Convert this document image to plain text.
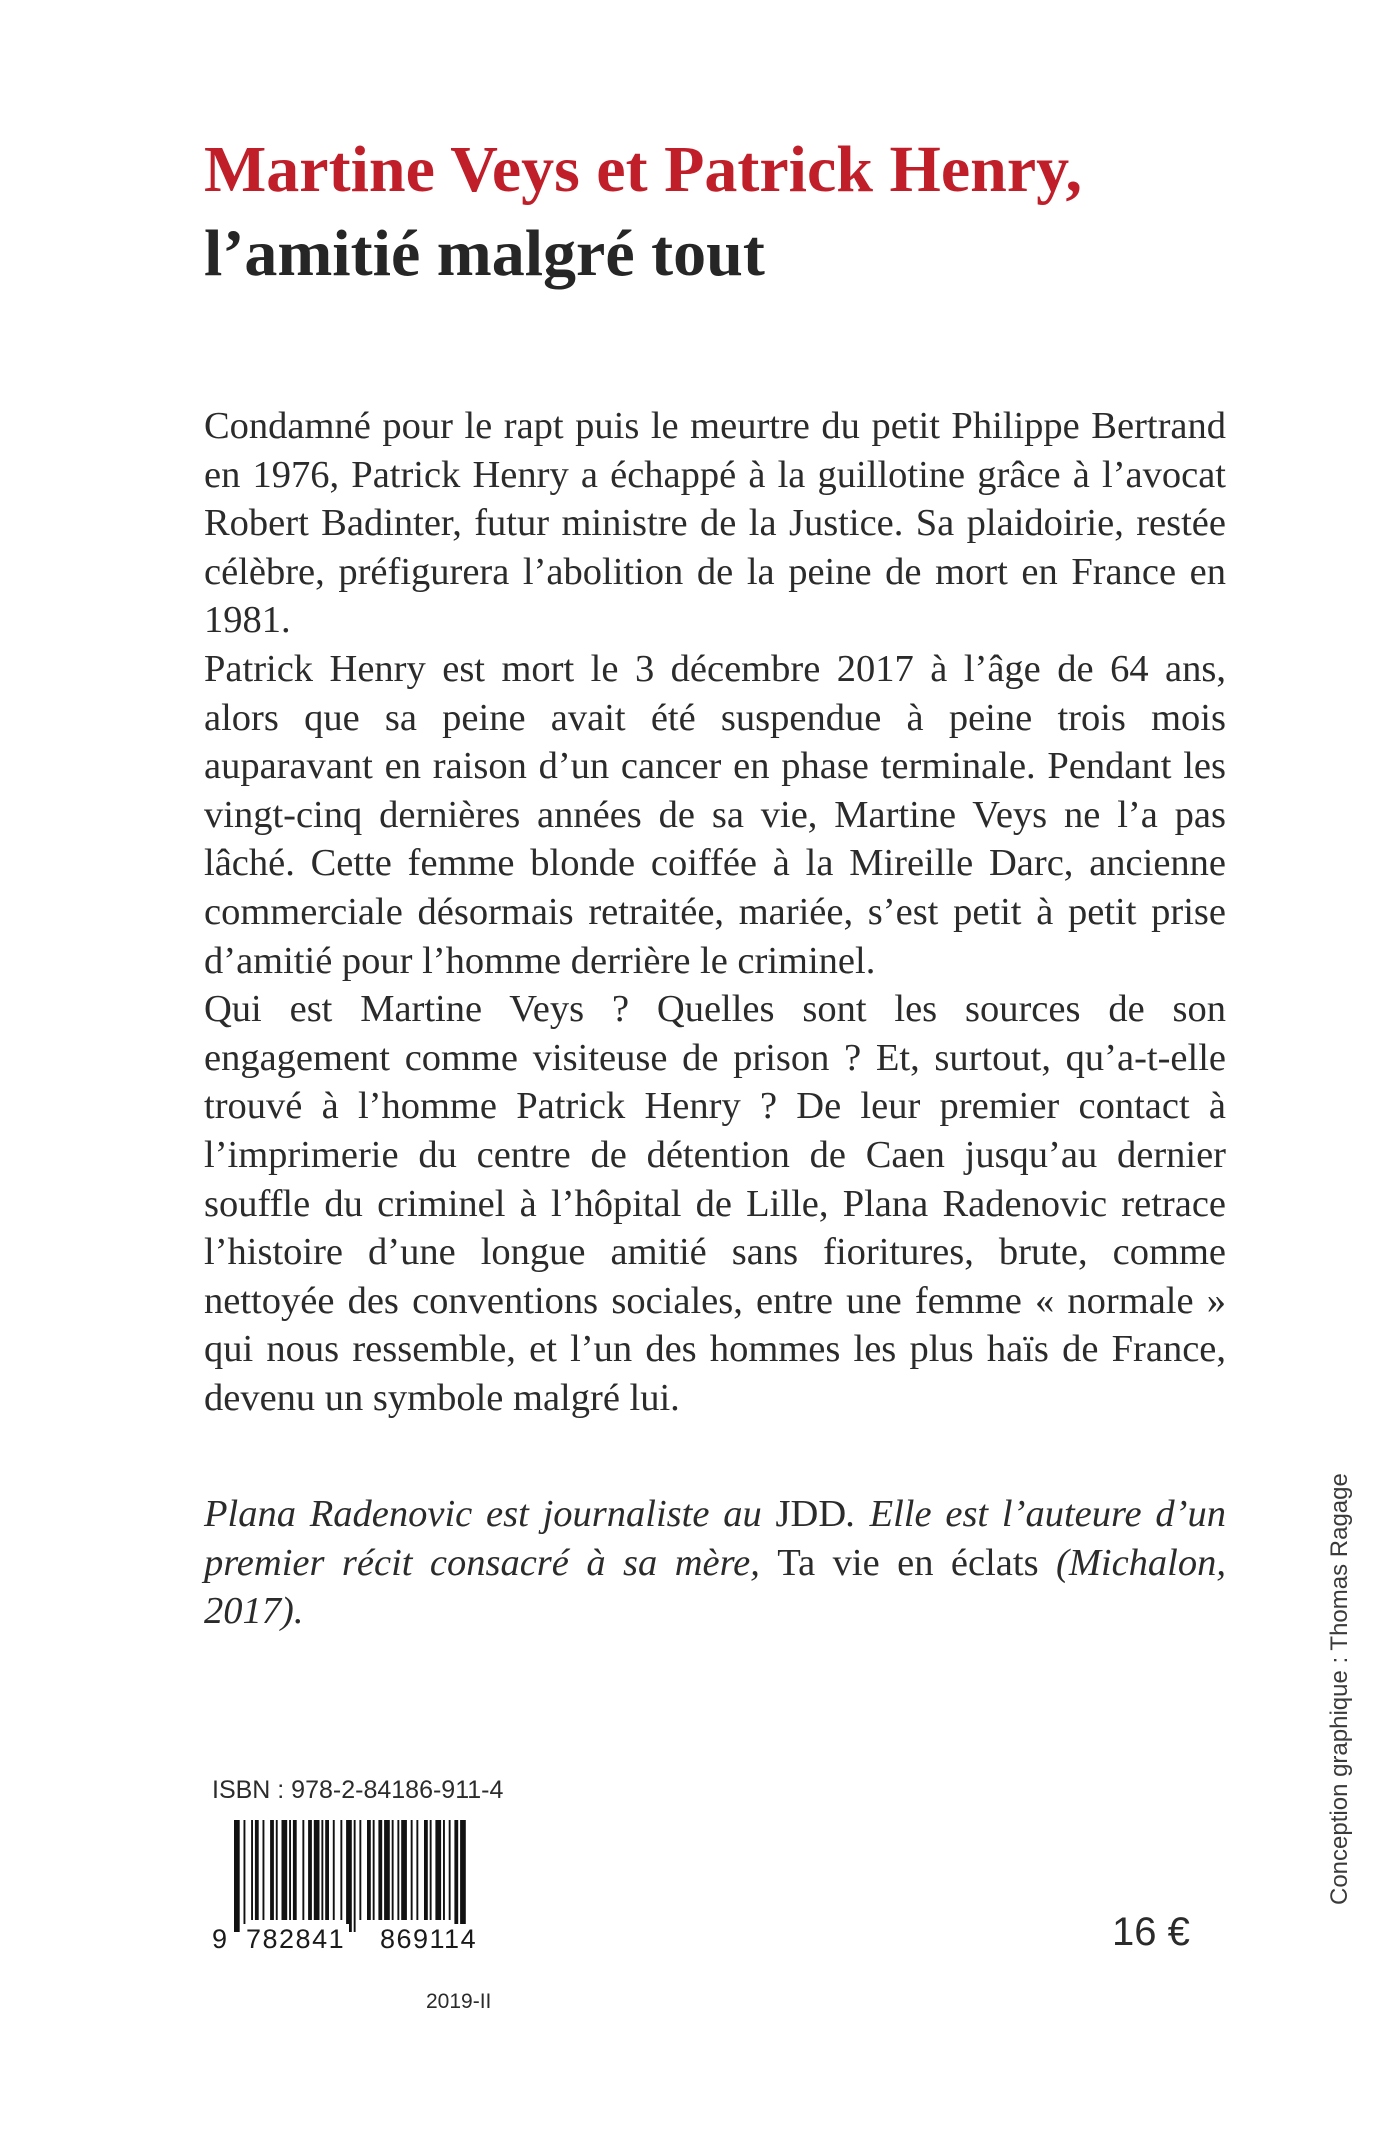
Martine Veys et Patrick Henry,
l’amitié malgré tout

Condamné pour le rapt puis le meurtre du petit Philippe Bertrand en 1976, Patrick Henry a échappé à la guillotine grâce à l’avocat Robert Badinter, futur ministre de la Justice. Sa plaidoirie, restée célèbre, préfigurera l’abolition de la peine de mort en France en 1981.

Patrick Henry est mort le 3 décembre 2017 à l’âge de 64 ans, alors que sa peine avait été suspendue à peine trois mois auparavant en raison d’un cancer en phase terminale. Pendant les vingt-cinq dernières années de sa vie, Martine Veys ne l’a pas lâché. Cette femme blonde coiffée à la Mireille Darc, ancienne commerciale désormais retraitée, mariée, s’est petit à petit prise d’amitié pour l’homme derrière le criminel.

Qui est Martine Veys ? Quelles sont les sources de son engagement comme visiteuse de prison ? Et, surtout, qu’a-t-elle trouvé à l’homme Patrick Henry ? De leur premier contact à l’imprimerie du centre de détention de Caen jusqu’au dernier souffle du criminel à l’hôpital de Lille, Plana Radenovic retrace l’histoire d’une longue amitié sans fioritures, brute, comme nettoyée des conventions sociales, entre une femme « normale » qui nous ressemble, et l’un des hommes les plus haïs de France, devenu un symbole malgré lui.

Plana Radenovic est journaliste au JDD. Elle est l’auteure d’un premier récit consacré à sa mère, Ta vie en éclats (Michalon, 2017).	Conception graphique : Thomas Ragage
ISBN : 978-2-84186-911-4
9 782841 869114	16 €
2019-II
